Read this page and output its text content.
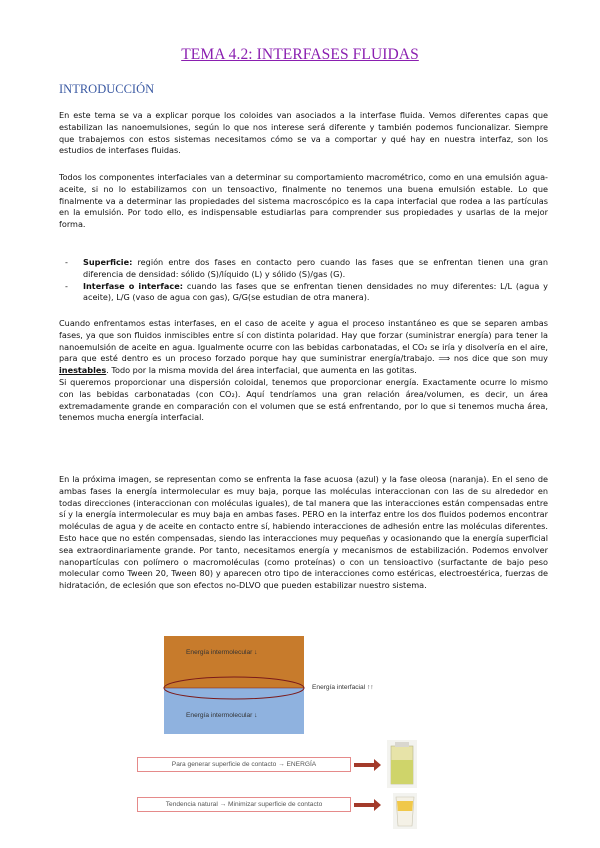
TEMA 4.2: INTERFASES FLUIDAS
INTRODUCCIÓN

En este tema se va a explicar porque los coloides van asociados a la interfase fluida. Vemos diferentes capas que estabilizan las nanoemulsiones, según lo que nos interese será diferente y también podemos funcionalizar. Siempre que trabajemos con estos sistemas necesitamos cómo se va a comportar y qué hay en nuestra interfaz, son los estudios de interfases fluidas.

Todos los componentes interfaciales van a determinar su comportamiento macrométrico, como en una emulsión agua-aceite, si no lo estabilizamos con un tensoactivo, finalmente no tenemos una buena emulsión estable. Lo que finalmente va a determinar las propiedades del sistema macroscópico es la capa interfacial que rodea a las partículas en la emulsión. Por todo ello, es indispensable estudiarlas para comprender sus propiedades y usarlas de la mejor forma.

- Superficie: región entre dos fases en contacto pero cuando las fases que se enfrentan tienen una gran diferencia de densidad: sólido (S)/líquido (L) y sólido (S)/gas (G).
- Interfase o interface: cuando las fases que se enfrentan tienen densidades no muy diferentes: L/L (agua y aceite), L/G (vaso de agua con gas), G/G(se estudian de otra manera).

Cuando enfrentamos estas interfases, en el caso de aceite y agua el proceso instantáneo es que se separen ambas fases, ya que son fluidos inmiscibles entre sí con distinta polaridad. Hay que forzar (suministrar energía) para tener la nanoemulsión de aceite en agua. Igualmente ocurre con las bebidas carbonatadas, el CO₂ se iría y disolvería en el aire, para que esté dentro es un proceso forzado porque hay que suministrar energía/trabajo. ⟹ nos dice que son muy inestables. Todo por la misma movida del área interfacial, que aumenta en las gotitas.

Si queremos proporcionar una dispersión coloidal, tenemos que proporcionar energía. Exactamente ocurre lo mismo con las bebidas carbonatadas (con CO₂). Aquí tendríamos una gran relación área/volumen, es decir, un área extremadamente grande en comparación con el volumen que se está enfrentando, por lo que si tenemos mucha área, tenemos mucha energía interfacial.

En la próxima imagen, se representan como se enfrenta la fase acuosa (azul) y la fase oleosa (naranja). En el seno de ambas fases la energía intermolecular es muy baja, porque las moléculas interaccionan con las de su alrededor en todas direcciones (interaccionan con moléculas iguales), de tal manera que las interacciones están compensadas entre sí y la energía intermolecular es muy baja en ambas fases. PERO en la interfaz entre los dos fluidos podemos encontrar moléculas de agua y de aceite en contacto entre sí, habiendo interacciones de adhesión entre las moléculas diferentes. Esto hace que no estén compensadas, siendo las interacciones muy pequeñas y ocasionando que la energía superficial sea extraordinariamente grande. Por tanto, necesitamos energía y mecanismos de estabilización. Podemos envolver nanopartículas con polímero o macromoléculas (como proteínas) o con un tensioactivo (surfactante de bajo peso molecular como Tween 20, Tween 80) y aparecen otro tipo de interacciones como estéricas, electroestérica, fuerzas de hidratación, de eclesión que son efectos no-DLVO que pueden estabilizar nuestro sistema.

Energía intermolecular ↓
Energía intermolecular ↓
Energía interfacial ↑↑
Para generar superficie de contacto → ENERGÍA
Tendencia natural → Minimizar superficie de contacto
